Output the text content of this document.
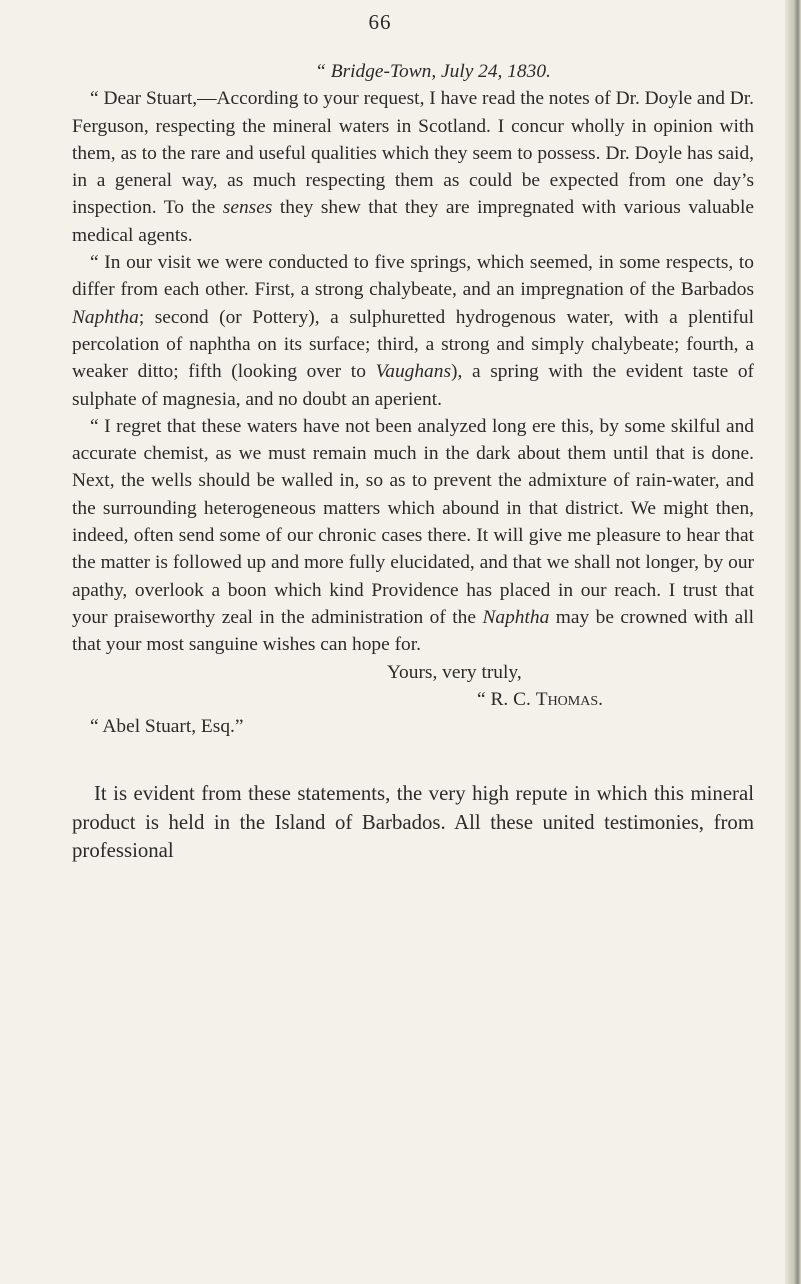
66

“ Bridge-Town, July 24, 1830.

“ Dear Stuart,—According to your request, I have read the notes of Dr. Doyle and Dr. Ferguson, respecting the mineral waters in Scotland. I concur wholly in opinion with them, as to the rare and useful qualities which they seem to possess. Dr. Doyle has said, in a general way, as much respecting them as could be expected from one day’s inspection. To the senses they shew that they are impregnated with various valuable medical agents.

“ In our visit we were conducted to five springs, which seemed, in some respects, to differ from each other. First, a strong chalybeate, and an impregnation of the Barbados Naphtha; second (or Pottery), a sulphuretted hydrogenous water, with a plentiful percolation of naphtha on its surface; third, a strong and simply chalybeate; fourth, a weaker ditto; fifth (looking over to Vaughans), a spring with the evident taste of sulphate of magnesia, and no doubt an aperient.

“ I regret that these waters have not been analyzed long ere this, by some skilful and accurate chemist, as we must remain much in the dark about them until that is done. Next, the wells should be walled in, so as to prevent the admixture of rain-water, and the surrounding heterogeneous matters which abound in that district. We might then, indeed, often send some of our chronic cases there. It will give me pleasure to hear that the matter is followed up and more fully elucidated, and that we shall not longer, by our apathy, overlook a boon which kind Providence has placed in our reach. I trust that your praiseworthy zeal in the administration of the Naphtha may be crowned with all that your most sanguine wishes can hope for.

Yours, very truly,

“ R. C. Thomas.

“ Abel Stuart, Esq.”

It is evident from these statements, the very high repute in which this mineral product is held in the Island of Barbados. All these united testimonies, from professional
